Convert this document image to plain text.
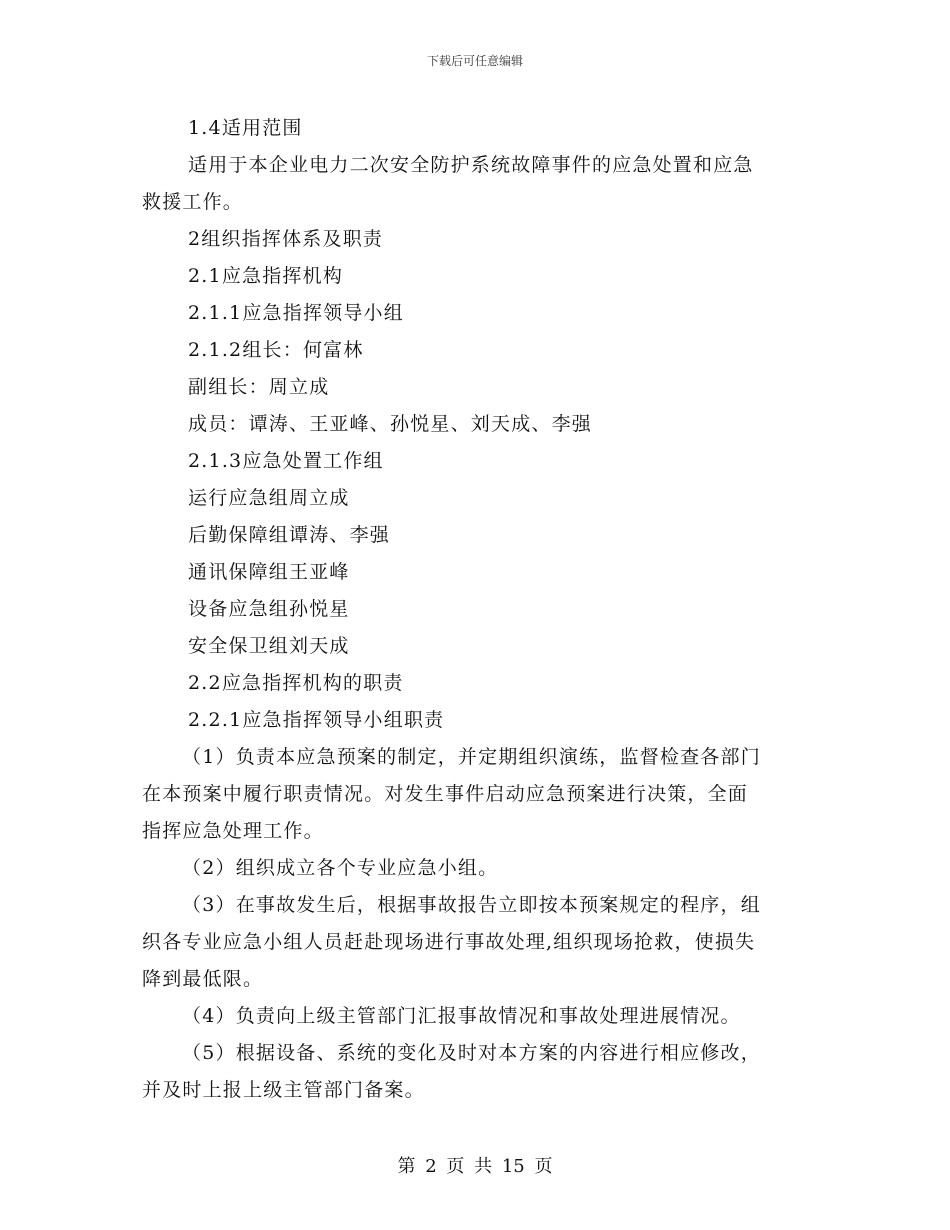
下载后可任意编辑
1.4适用范围
适用于本企业电力二次安全防护系统故障事件的应急处置和应急
救援工作。
2组织指挥体系及职责
2.1应急指挥机构
2.1.1应急指挥领导小组
2.1.2组长：何富林
副组长：周立成
成员：谭涛、王亚峰、孙悦星、刘天成、李强
2.1.3应急处置工作组
运行应急组周立成
后勤保障组谭涛、李强
通讯保障组王亚峰
设备应急组孙悦星
安全保卫组刘天成
2.2应急指挥机构的职责
2.2.1应急指挥领导小组职责
（1）负责本应急预案的制定，并定期组织演练，监督检查各部门
在本预案中履行职责情况。对发生事件启动应急预案进行决策，全面
指挥应急处理工作。
（2）组织成立各个专业应急小组。
（3）在事故发生后，根据事故报告立即按本预案规定的程序，组
织各专业应急小组人员赶赴现场进行事故处理,组织现场抢救，使损失
降到最低限。
（4）负责向上级主管部门汇报事故情况和事故处理进展情况。
（5）根据设备、系统的变化及时对本方案的内容进行相应修改，
并及时上报上级主管部门备案。
第 2 页 共 15 页
